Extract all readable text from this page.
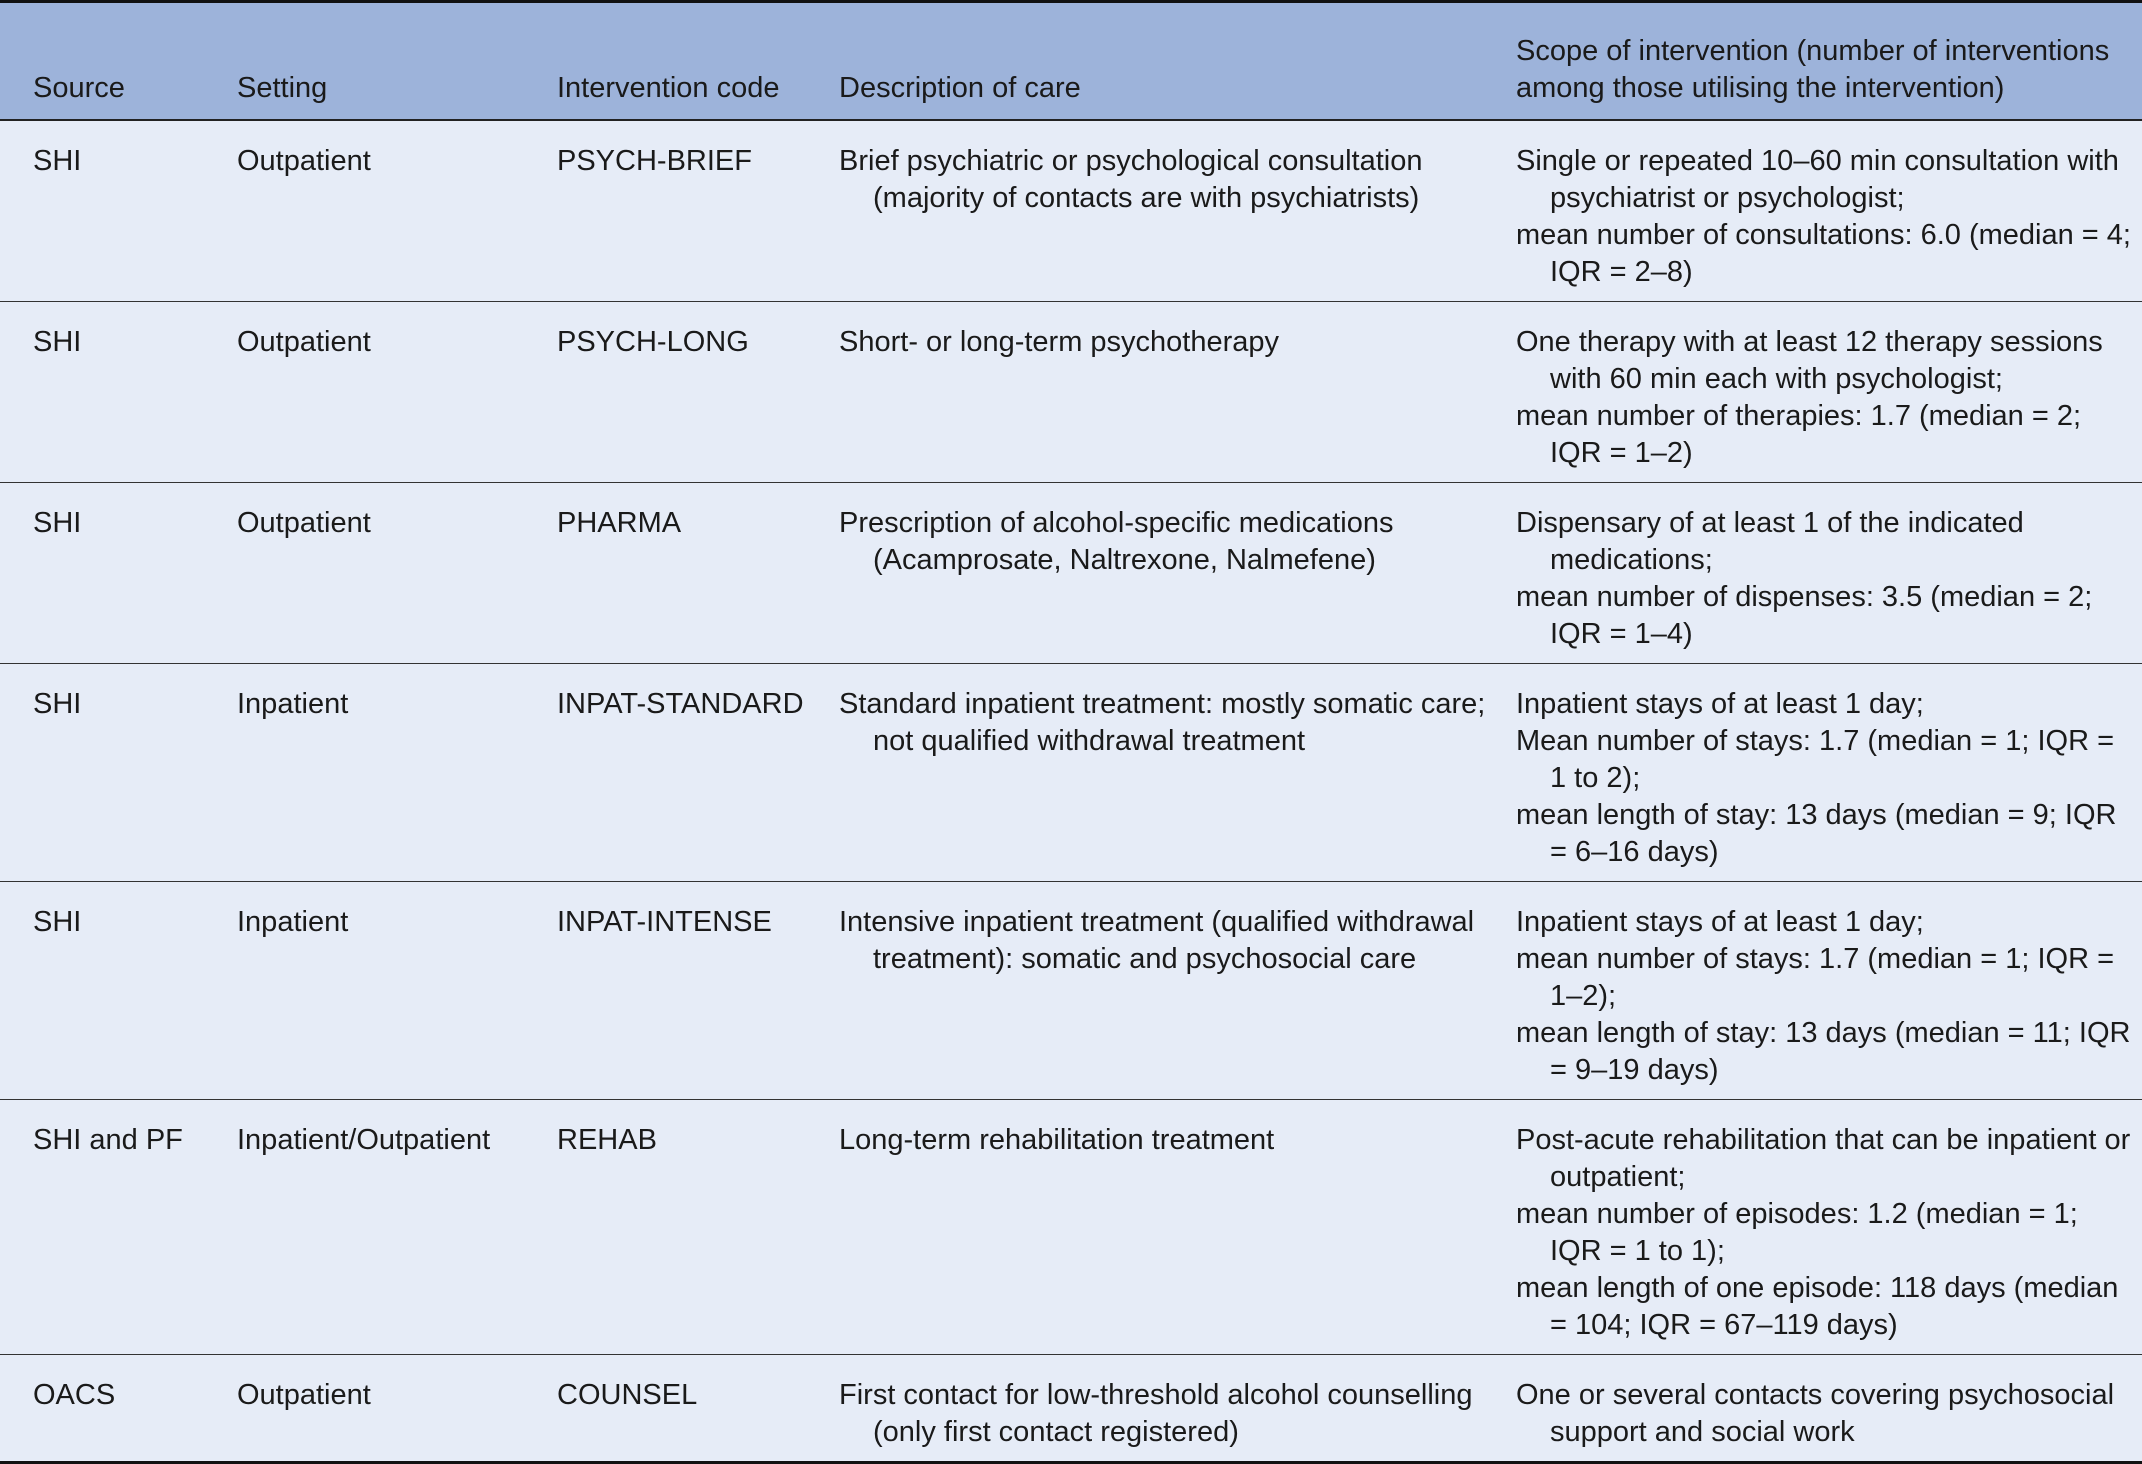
Source	Setting	Intervention code	Description of care	Scope of intervention (number of interventions among those utilising the intervention)
SHI	Outpatient	PSYCH-BRIEF	Brief psychiatric or psychological consultation (majority of contacts are with psychiatrists)	Single or repeated 10–60 min consultation with psychiatrist or psychologist;
mean number of consultations: 6.0 (median = 4; IQR = 2–8)

SHI	Outpatient	PSYCH-LONG	Short- or long-term psychotherapy	One therapy with at least 12 therapy sessions with 60 min each with psychologist;
mean number of therapies: 1.7 (median = 2; IQR = 1–2)

SHI	Outpatient	PHARMA	Prescription of alcohol-specific medications (Acamprosate, Naltrexone, Nalmefene)	Dispensary of at least 1 of the indicated medications;
mean number of dispenses: 3.5 (median = 2; IQR = 1–4)

SHI	Inpatient	INPAT-STANDARD	Standard inpatient treatment: mostly somatic care; not qualified withdrawal treatment	Inpatient stays of at least 1 day;
Mean number of stays: 1.7 (median = 1; IQR = 1 to 2);
mean length of stay: 13 days (median = 9; IQR = 6–16 days)

SHI	Inpatient	INPAT-INTENSE	Intensive inpatient treatment (qualified withdrawal treatment): somatic and psychosocial care	Inpatient stays of at least 1 day;
mean number of stays: 1.7 (median = 1; IQR = 1–2);
mean length of stay: 13 days (median = 11; IQR = 9–19 days)

SHI and PF	Inpatient/Outpatient	REHAB	Long-term rehabilitation treatment	Post-acute rehabilitation that can be inpatient or outpatient;
mean number of episodes: 1.2 (median = 1; IQR = 1 to 1);
mean length of one episode: 118 days (median = 104; IQR = 67–119 days)

OACS	Outpatient	COUNSEL	First contact for low-threshold alcohol counselling (only first contact registered)	One or several contacts covering psychosocial support and social work
